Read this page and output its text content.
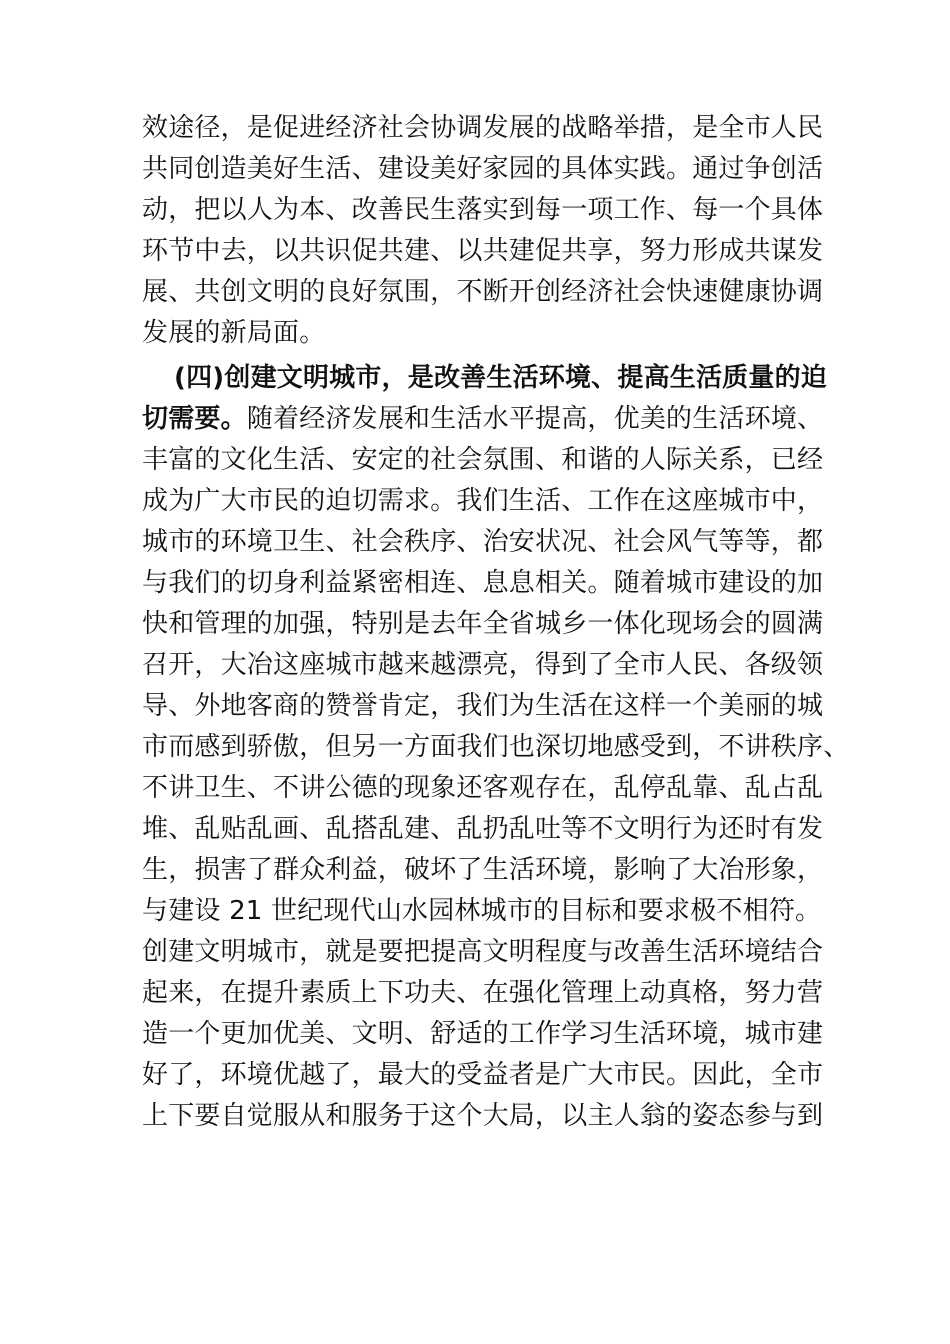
效途径，是促进经济社会协调发展的战略举措，是全市人民
共同创造美好生活、建设美好家园的具体实践。通过争创活
动，把以人为本、改善民生落实到每一项工作、每一个具体
环节中去，以共识促共建、以共建促共享，努力形成共谋发
展、共创文明的良好氛围，不断开创经济社会快速健康协调
发展的新局面。
(四)创建文明城市，是改善生活环境、提高生活质量的迫
切需要。随着经济发展和生活水平提高，优美的生活环境、
丰富的文化生活、安定的社会氛围、和谐的人际关系，已经
成为广大市民的迫切需求。我们生活、工作在这座城市中，
城市的环境卫生、社会秩序、治安状况、社会风气等等，都
与我们的切身利益紧密相连、息息相关。随着城市建设的加
快和管理的加强，特别是去年全省城乡一体化现场会的圆满
召开，大冶这座城市越来越漂亮，得到了全市人民、各级领
导、外地客商的赞誉肯定，我们为生活在这样一个美丽的城
市而感到骄傲，但另一方面我们也深切地感受到，不讲秩序、
不讲卫生、不讲公德的现象还客观存在，乱停乱靠、乱占乱
堆、乱贴乱画、乱搭乱建、乱扔乱吐等不文明行为还时有发
生，损害了群众利益，破坏了生活环境，影响了大冶形象，
与建设 21 世纪现代山水园林城市的目标和要求极不相符。
创建文明城市，就是要把提高文明程度与改善生活环境结合
起来，在提升素质上下功夫、在强化管理上动真格，努力营
造一个更加优美、文明、舒适的工作学习生活环境，城市建
好了，环境优越了，最大的受益者是广大市民。因此，全市
上下要自觉服从和服务于这个大局，以主人翁的姿态参与到
